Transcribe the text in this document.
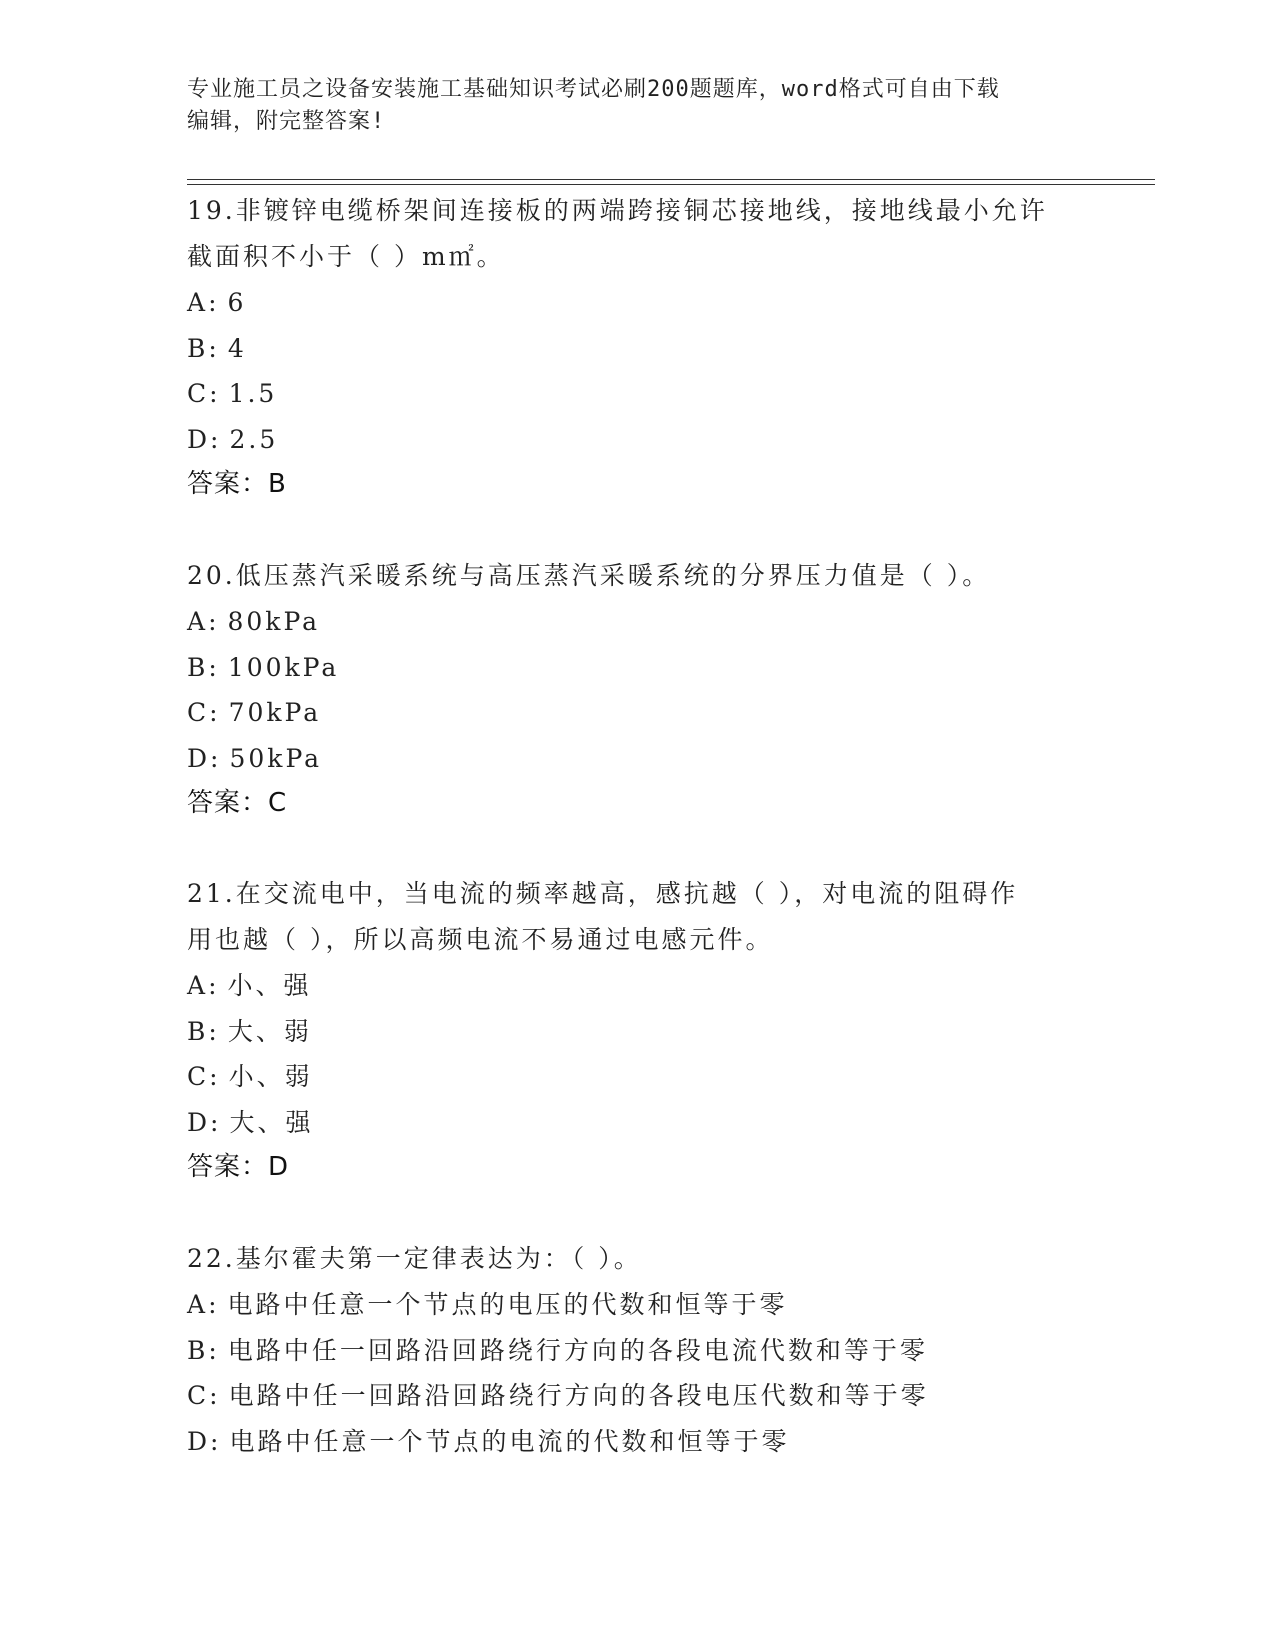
专业施工员之设备安装施工基础知识考试必刷200题题库，word格式可自由下载
编辑，附完整答案!
19.非镀锌电缆桥架间连接板的两端跨接铜芯接地线，接地线最小允许
截面积不小于（ ）m㎡。
A: 6
B: 4
C: 1.5
D: 2.5
答案：B
20.低压蒸汽采暖系统与高压蒸汽采暖系统的分界压力值是（ ）。
A: 80kPa
B: 100kPa
C: 70kPa
D: 50kPa
答案：C
21.在交流电中，当电流的频率越高，感抗越（ ），对电流的阻碍作
用也越（ ），所以高频电流不易通过电感元件。
A: 小、强
B: 大、弱
C: 小、弱
D: 大、强
答案：D
22.基尔霍夫第一定律表达为：（ ）。
A: 电路中任意一个节点的电压的代数和恒等于零
B: 电路中任一回路沿回路绕行方向的各段电流代数和等于零
C: 电路中任一回路沿回路绕行方向的各段电压代数和等于零
D: 电路中任意一个节点的电流的代数和恒等于零
